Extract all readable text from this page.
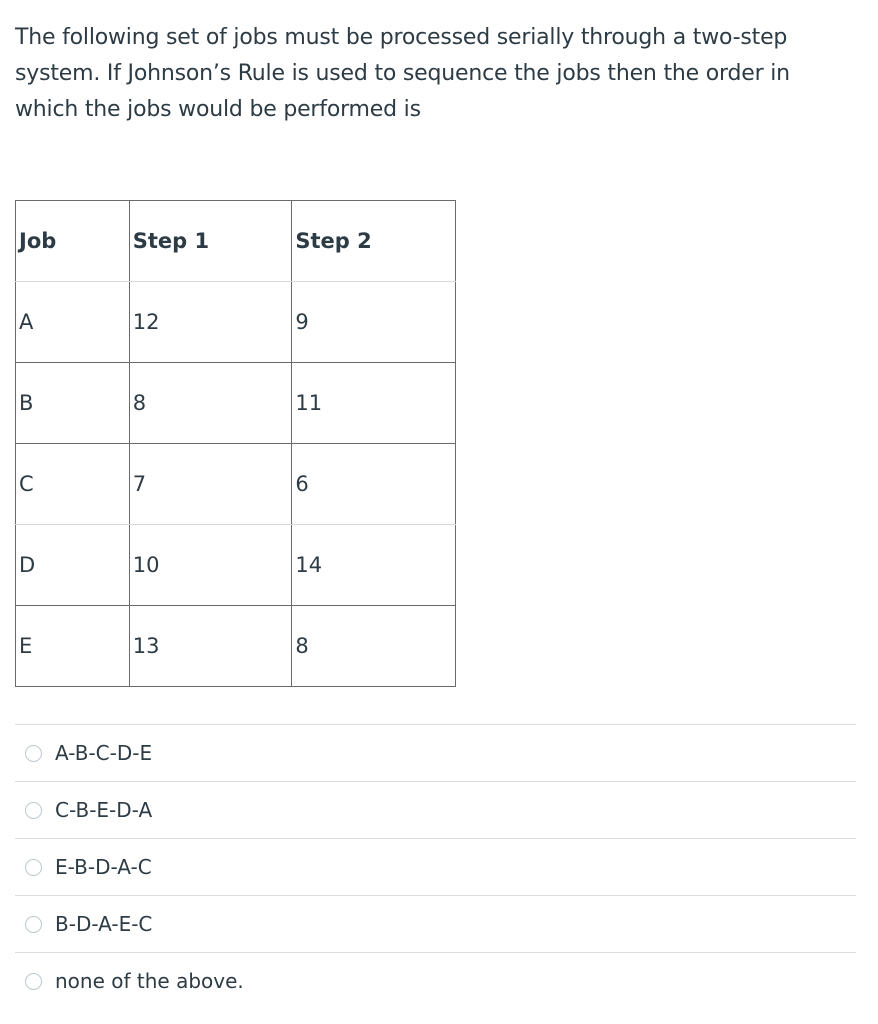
The following set of jobs must be processed serially through a two-step system. If Johnson’s Rule is used to sequence the jobs then the order in which the jobs would be performed is
Job	Step 1	Step 2
A	12	9
B	8	11
C	7	6
D	10	14
E	13	8
A-B-C-D-E
C-B-E-D-A
E-B-D-A-C
B-D-A-E-C
none of the above.
